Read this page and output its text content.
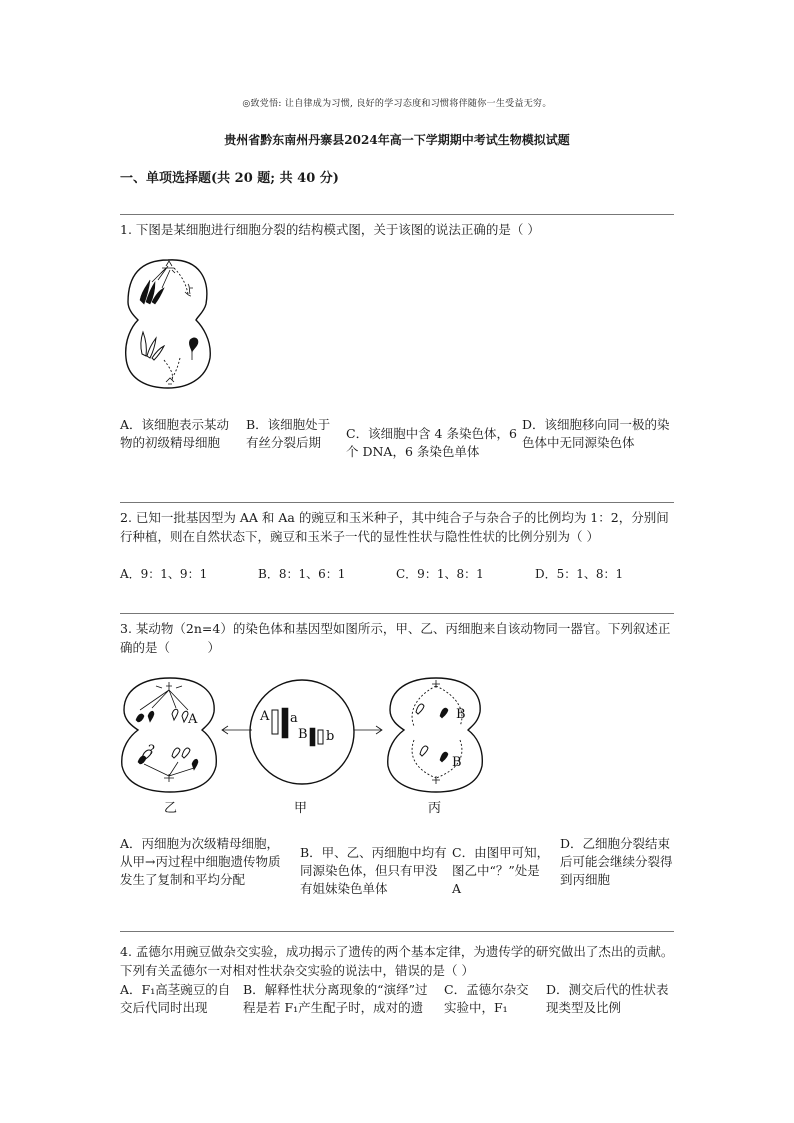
◎致党悟: 让自律成为习惯, 良好的学习态度和习惯将伴随你一生受益无穷。
贵州省黔东南州丹寨县2024年高一下学期期中考试生物模拟试题
一、单项选择题(共 20 题; 共 40 分)
1. 下图是某细胞进行细胞分裂的结构模式图，关于该图的说法正确的是（ ）
A．该细胞表示某动物的初级精母细胞
B．该细胞处于有丝分裂后期
C．该细胞中含 4 条染色体，6 个 DNA，6 条染色单体
D．该细胞移向同一极的染色体中无同源染色体
2. 已知一批基因型为 AA 和 Aa 的豌豆和玉米种子，其中纯合子与杂合子的比例均为 1：2，分别间行种植，则在自然状态下，豌豆和玉米子一代的显性性状与隐性性状的比例分别为（ ）
A．9：1、9：1	B．8：1、6：1	C．9：1、8：1	D．5：1、8：1
3. 某动物（2n=4）的染色体和基因型如图所示，甲、乙、丙细胞来自该动物同一器官。下列叙述正确的是（　　　）
A
?
乙
A a
B b
甲
B
B
丙
A．丙细胞为次级精母细胞，从甲→丙过程中细胞遗传物质发生了复制和平均分配
B．甲、乙、丙细胞中均有同源染色体，但只有甲没有姐妹染色单体
C．由图甲可知，图乙中“？”处是　A
D．乙细胞分裂结束后可能会继续分裂得到丙细胞
4. 孟德尔用豌豆做杂交实验，成功揭示了遗传的两个基本定律，为遗传学的研究做出了杰出的贡献。下列有关孟德尔一对相对性状杂交实验的说法中，错误的是（ ）
A．F₁高茎豌豆的自交后代同时出现
B．解释性状分离现象的“演绎”过程是若 F₁产生配子时，成对的遗
C．孟德尔杂交实验中，F₁
D．测交后代的性状表现类型及比例
